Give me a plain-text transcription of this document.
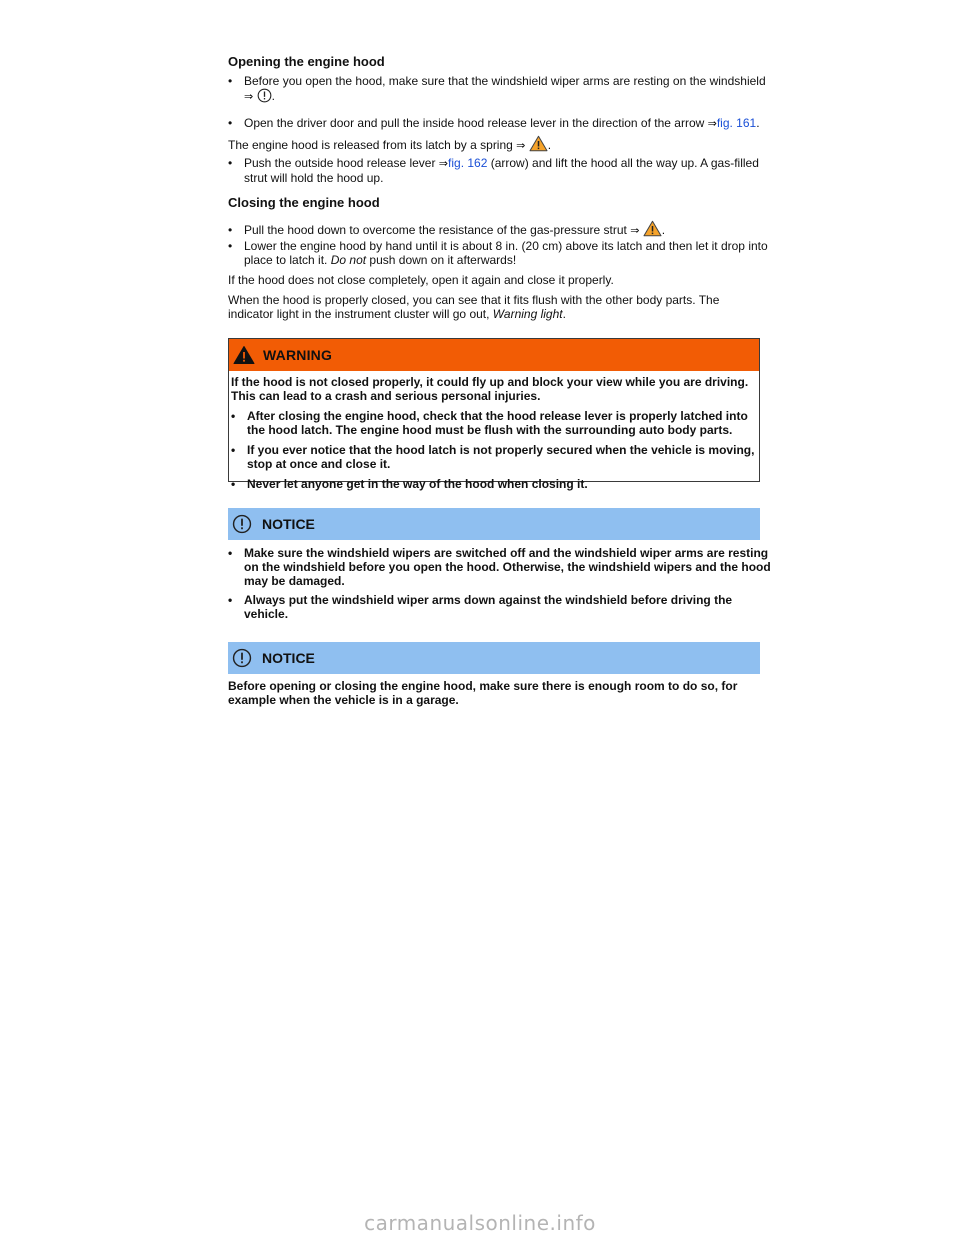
Opening the engine hood
• Before you open the hood, make sure that the windshield wiper arms are resting on the windshield
⇒ .
• Open the driver door and pull the inside hood release lever in the direction of the arrow ⇒fig. 161.
The engine hood is released from its latch by a spring ⇒ .
• Push the outside hood release lever ⇒fig. 162 (arrow) and lift the hood all the way up. A gas-filled strut will hold the hood up.
Closing the engine hood
• Pull the hood down to overcome the resistance of the gas-pressure strut ⇒ .
• Lower the engine hood by hand until it is about 8 in. (20 cm) above its latch and then let it drop into place to latch it. Do not push down on it afterwards!
If the hood does not close completely, open it again and close it properly.
When the hood is properly closed, you can see that it fits flush with the other body parts. The indicator light in the instrument cluster will go out, Warning light.
WARNING

If the hood is not closed properly, it could fly up and block your view while you are driving. This can lead to a crash and serious personal injuries.

• After closing the engine hood, check that the hood release lever is properly latched into the hood latch. The engine hood must be flush with the surrounding auto body parts.

• If you ever notice that the hood latch is not properly secured when the vehicle is moving, stop at once and close it.

• Never let anyone get in the way of the hood when closing it.

NOTICE
• Make sure the windshield wipers are switched off and the windshield wiper arms are resting on the windshield before you open the hood. Otherwise, the windshield wipers and the hood may be damaged.
• Always put the windshield wiper arms down against the windshield before driving the vehicle.
NOTICE
Before opening or closing the engine hood, make sure there is enough room to do so, for example when the vehicle is in a garage.
carmanualsonline.info
